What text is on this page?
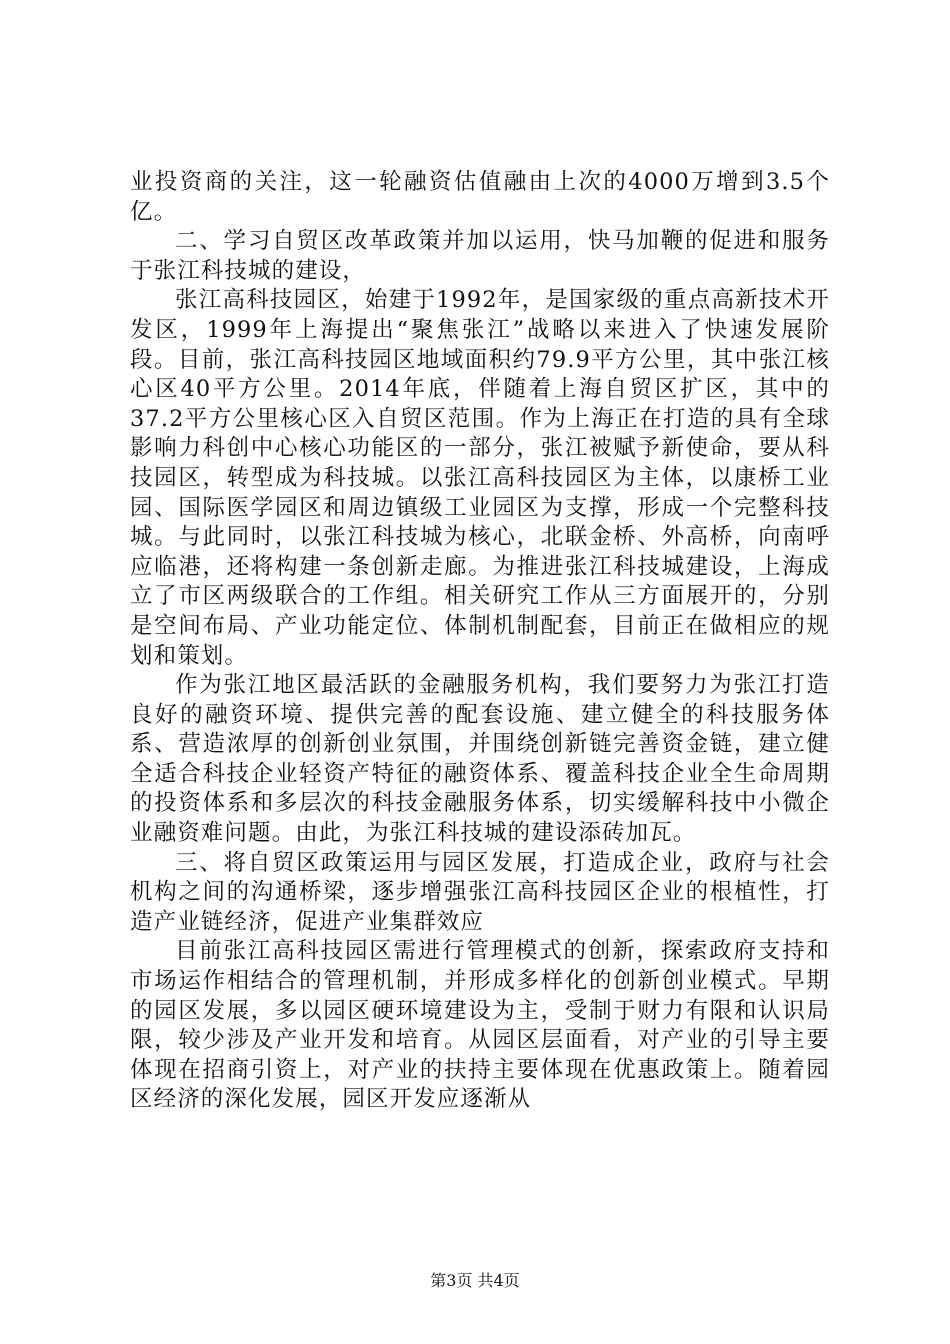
业投资商的关注，这一轮融资估值融由上次的4000万增到3.5个亿。

二、学习自贸区改革政策并加以运用，快马加鞭的促进和服务于张江科技城的建设，

张江高科技园区，始建于1992年，是国家级的重点高新技术开发区，1999年上海提出“聚焦张江”战略以来进入了快速发展阶段。目前，张江高科技园区地域面积约79.9平方公里，其中张江核心区40平方公里。2014年底，伴随着上海自贸区扩区，其中的37.2平方公里核心区入自贸区范围。作为上海正在打造的具有全球影响力科创中心核心功能区的一部分，张江被赋予新使命，要从科技园区，转型成为科技城。以张江高科技园区为主体，以康桥工业园、国际医学园区和周边镇级工业园区为支撑，形成一个完整科技城。与此同时，以张江科技城为核心，北联金桥、外高桥，向南呼应临港，还将构建一条创新走廊。为推进张江科技城建设，上海成立了市区两级联合的工作组。相关研究工作从三方面展开的，分别是空间布局、产业功能定位、体制机制配套，目前正在做相应的规划和策划。

作为张江地区最活跃的金融服务机构，我们要努力为张江打造良好的融资环境、提供完善的配套设施、建立健全的科技服务体系、营造浓厚的创新创业氛围，并围绕创新链完善资金链，建立健全适合科技企业轻资产特征的融资体系、覆盖科技企业全生命周期的投资体系和多层次的科技金融服务体系，切实缓解科技中小微企业融资难问题。由此，为张江科技城的建设添砖加瓦。

三、将自贸区政策运用与园区发展，打造成企业，政府与社会机构之间的沟通桥梁，逐步增强张江高科技园区企业的根植性，打造产业链经济，促进产业集群效应

目前张江高科技园区需进行管理模式的创新，探索政府支持和市场运作相结合的管理机制，并形成多样化的创新创业模式。早期的园区发展，多以园区硬环境建设为主，受制于财力有限和认识局限，较少涉及产业开发和培育。从园区层面看，对产业的引导主要体现在招商引资上，对产业的扶持主要体现在优惠政策上。随着园区经济的深化发展，园区开发应逐渐从

第3页 共4页
